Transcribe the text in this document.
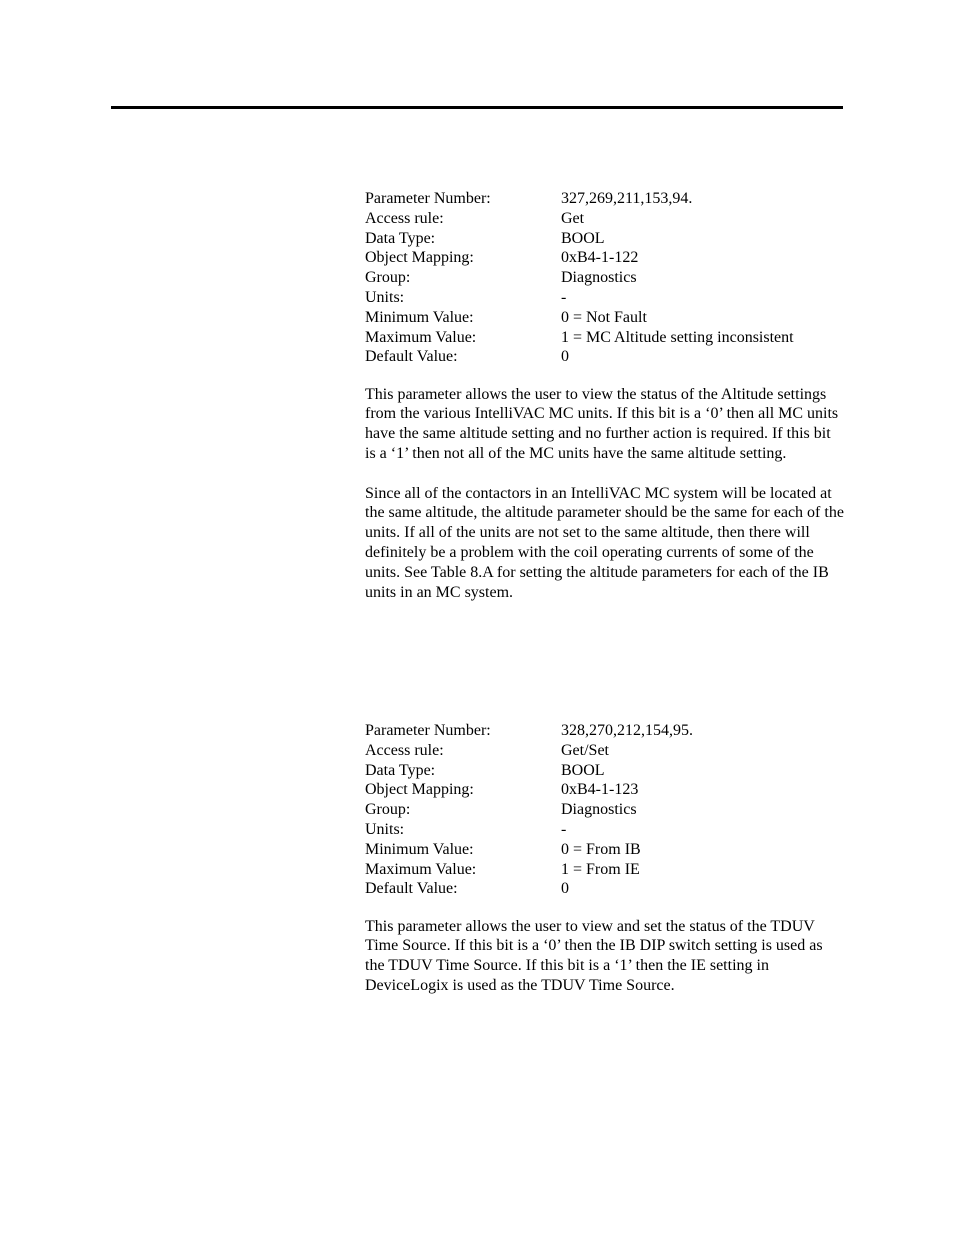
Parameter Number:	327,269,211,153,94.
Access rule:	Get
Data Type:	BOOL
Object Mapping:	0xB4-1-122
Group:	Diagnostics
Units:	-
Minimum Value:	0 = Not Fault
Maximum Value:	1 = MC Altitude setting inconsistent
Default Value:	0

This parameter allows the user to view the status of the Altitude settings from the various IntelliVAC MC units. If this bit is a ‘0’ then all MC units have the same altitude setting and no further action is required. If this bit is a ‘1’ then not all of the MC units have the same altitude setting.

Since all of the contactors in an IntelliVAC MC system will be located at the same altitude, the altitude parameter should be the same for each of the units. If all of the units are not set to the same altitude, then there will definitely be a problem with the coil operating currents of some of the units. See Table 8.A for setting the altitude parameters for each of the IB units in an MC system.

Parameter Number:	328,270,212,154,95.
Access rule:	Get/Set
Data Type:	BOOL
Object Mapping:	0xB4-1-123
Group:	Diagnostics
Units:	-
Minimum Value:	0 = From IB
Maximum Value:	1 = From IE
Default Value:	0

This parameter allows the user to view and set the status of the TDUV Time Source. If this bit is a ‘0’ then the IB DIP switch setting is used as the TDUV Time Source. If this bit is a ‘1’ then the IE setting in DeviceLogix is used as the TDUV Time Source.
